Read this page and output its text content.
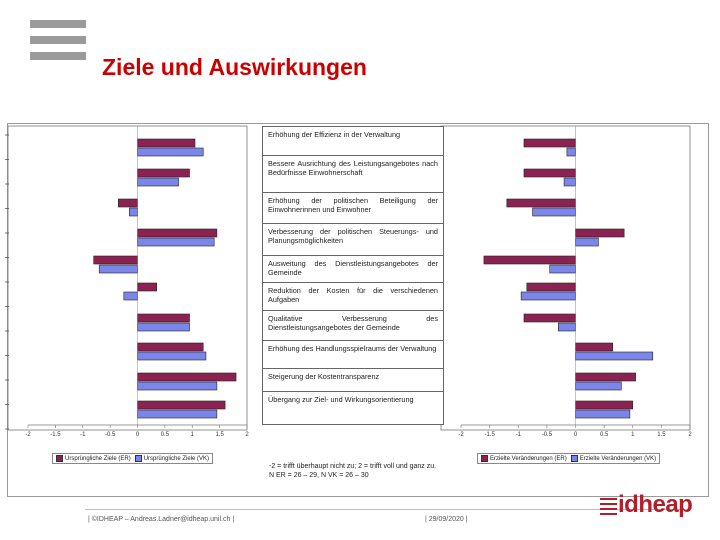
Ziele und Auswirkungen
-2	-1.5	-1	-0.5	0	0.5	1	1.5	2	-2	-1.5	-1	-0.5	0	0.5	1	1.5	2
Erhöhung der Effizienz in der Verwaltung
Bessere Ausrichtung des Leistungsangebotes nach Bedürfnisse Einwohnerschaft
Erhöhung der politischen Beteiligung der Einwohnerinnen und Einwohner
Verbesserung der politischen Steuerungs- und Planungsmöglichkeiten
Ausweitung des Dienstleistungsangebotes der Gemeinde
Reduktion der Kosten für die verschiedenen Aufgaben
Qualitative Verbesserung des Dienstleistungsangebotes der Gemeinde
Erhöhung des Handlungsspielraums der Verwaltung
Steigerung der Kostentransparenz
Übergang zur Ziel- und Wirkungsorientierung
Ursprüngliche Ziele (ER)	Ursprüngliche Ziele (VK)	Erzielte Veränderungen (ER)	Erzielte Veränderungen (VK)
-2 = trifft überhaupt nicht zu; 2 = trifft voll und ganz zu. N ER = 26 – 29, N VK = 26 – 30
| ©IDHEAP – Andreas.Ladner@idheap.unil.ch |	| 29/09/2020 |
idheap
